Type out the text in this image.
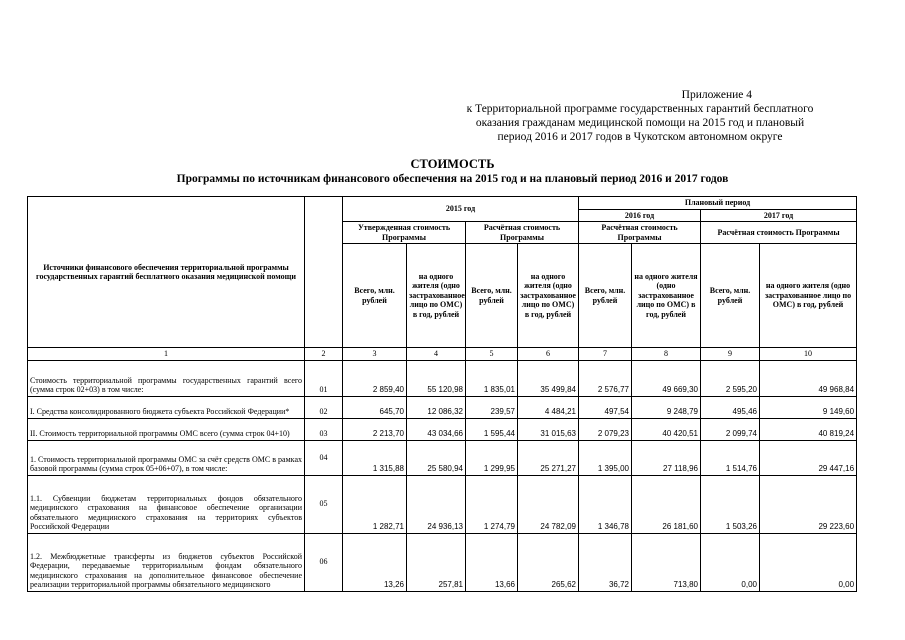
Приложение 4
к Территориальной программе государственных гарантий бесплатного
оказания гражданам медицинской помощи на 2015 год и плановый
период 2016 и 2017 годов в Чукотском автономном округе
СТОИМОСТЬ
Программы по источникам финансового обеспечения на 2015 год и на плановый период 2016 и 2017 годов
Источники финансового обеспечения территориальной программы государственных гарантий бесплатного оказания медицинской помощи		2015 год				Плановый период			
						2016 год		2017 год	
		Утвержденная стоимость Программы		Расчётная стоимость Программы		Расчётная стоимость Программы		Расчётная стоимость Программы	
		Всего, млн. рублей	на одного жителя (одно застрахованное лицо по ОМС) в год, рублей	Всего, млн. рублей	на одного жителя (одно застрахованное лицо по ОМС) в год, рублей	Всего, млн. рублей	на одного жителя (одно застрахованное лицо по ОМС) в год, рублей	Всего, млн. рублей	на одного жителя (одно застрахованное лицо по ОМС) в год, рублей
1	2	3	4	5	6	7	8	9	10
Стоимость территориальной программы государственных гарантий всего (сумма строк 02+03) в том числе:	01	2 859,40	55 120,98	1 835,01	35 499,84	2 576,77	49 669,30	2 595,20	49 968,84
I. Средства консолидированного бюджета субъекта Российской Федерации*	02	645,70	12 086,32	239,57	4 484,21	497,54	9 248,79	495,46	9 149,60
II. Стоимость территориальной программы ОМС всего (сумма строк 04+10)	03	2 213,70	43 034,66	1 595,44	31 015,63	2 079,23	40 420,51	2 099,74	40 819,24
1. Стоимость территориальной программы ОМС за счёт средств ОМС в рамках базовой программы (сумма строк 05+06+07), в том числе:	04	1 315,88	25 580,94	1 299,95	25 271,27	1 395,00	27 118,96	1 514,76	29 447,16
1.1. Субвенции бюджетам территориальных фондов обязательного медицинского страхования на финансовое обеспечение организации обязательного медицинского страхования на территориях субъектов Российской Федерации	05	1 282,71	24 936,13	1 274,79	24 782,09	1 346,78	26 181,60	1 503,26	29 223,60
1.2. Межбюджетные трансферты из бюджетов субъектов Российской Федерации, передаваемые территориальным фондам обязательного медицинского страхования на дополнительное финансовое обеспечение реализации территориальной программы обязательного медицинского	06	13,26	257,81	13,66	265,62	36,72	713,80	0,00	0,00
